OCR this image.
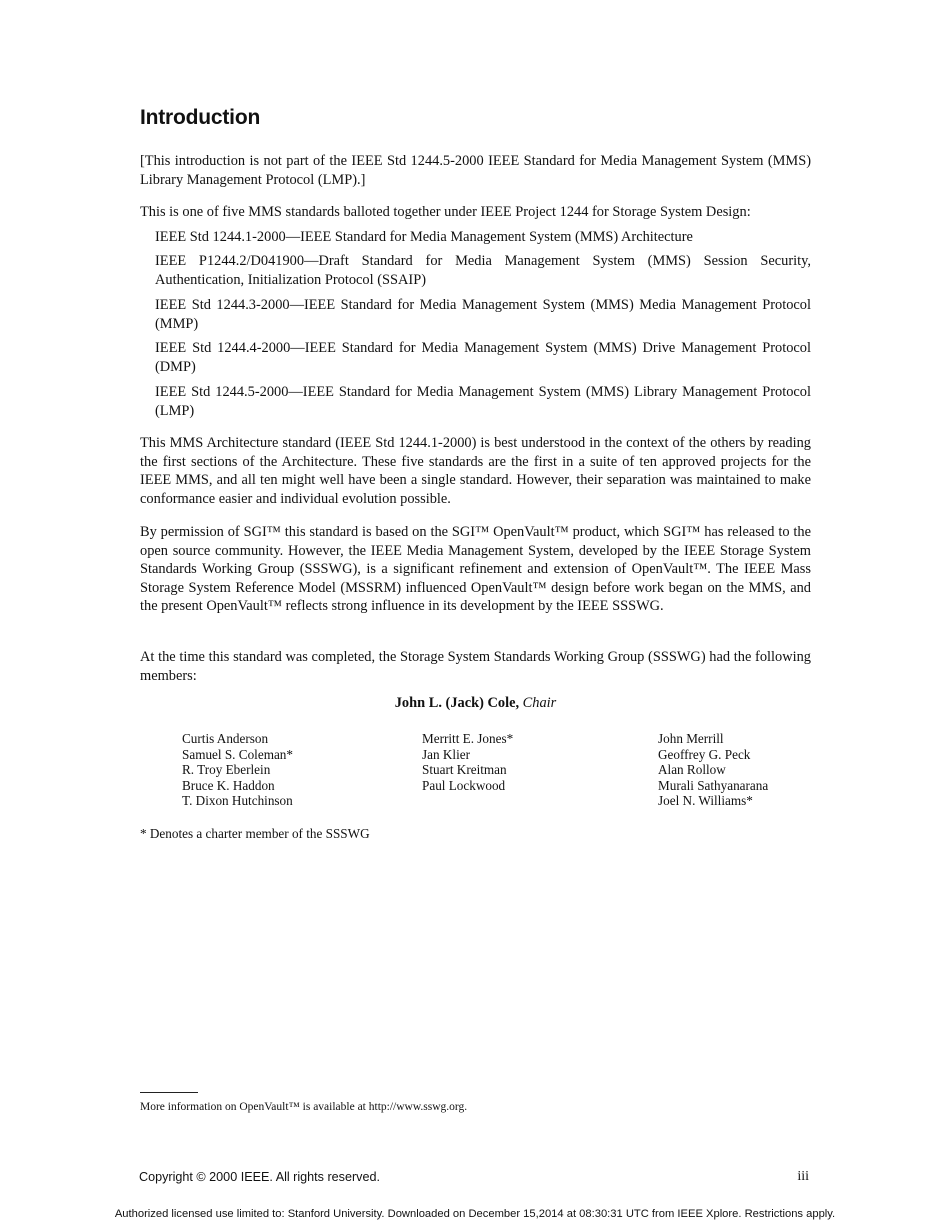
Introduction

[This introduction is not part of the IEEE Std 1244.5-2000 IEEE Standard for Media Management System (MMS) Library Management Protocol (LMP).]

This is one of five MMS standards balloted together under IEEE Project 1244 for Storage System Design:

IEEE Std 1244.1-2000—IEEE Standard for Media Management System (MMS) Architecture

IEEE P1244.2/D041900—Draft Standard for Media Management System (MMS) Session Security, Authentication, Initialization Protocol (SSAIP)

IEEE Std 1244.3-2000—IEEE Standard for Media Management System (MMS) Media Management Protocol (MMP)

IEEE Std 1244.4-2000—IEEE Standard for Media Management System (MMS) Drive Management Protocol (DMP)

IEEE Std 1244.5-2000—IEEE Standard for Media Management System (MMS) Library Management Protocol (LMP)

This MMS Architecture standard (IEEE Std 1244.1-2000) is best understood in the context of the others by reading the first sections of the Architecture. These five standards are the first in a suite of ten approved projects for the IEEE MMS, and all ten might well have been a single standard. However, their separation was maintained to make conformance easier and individual evolution possible.

By permission of SGI™ this standard is based on the SGI™ OpenVault™ product, which SGI™ has released to the open source community. However, the IEEE Media Management System, developed by the IEEE Storage System Standards Working Group (SSSWG), is a significant refinement and extension of OpenVault™. The IEEE Mass Storage System Reference Model (MSSRM) influenced OpenVault™ design before work began on the MMS, and the present OpenVault™ reflects strong influence in its development by the IEEE SSSWG.

At the time this standard was completed, the Storage System Standards Working Group (SSSWG) had the following members:

John L. (Jack) Cole, Chair
Curtis Anderson
Samuel S. Coleman*
R. Troy Eberlein
Bruce K. Haddon
T. Dixon Hutchinson
Merritt E. Jones*
Jan Klier
Stuart Kreitman
Paul Lockwood
John Merrill
Geoffrey G. Peck
Alan Rollow
Murali Sathyanarana
Joel N. Williams*
* Denotes a charter member of the SSSWG
More information on OpenVault™ is available at http://www.sswg.org.
Copyright © 2000 IEEE. All rights reserved.	iii
Authorized licensed use limited to: Stanford University. Downloaded on December 15,2014 at 08:30:31 UTC from IEEE Xplore. Restrictions apply.
